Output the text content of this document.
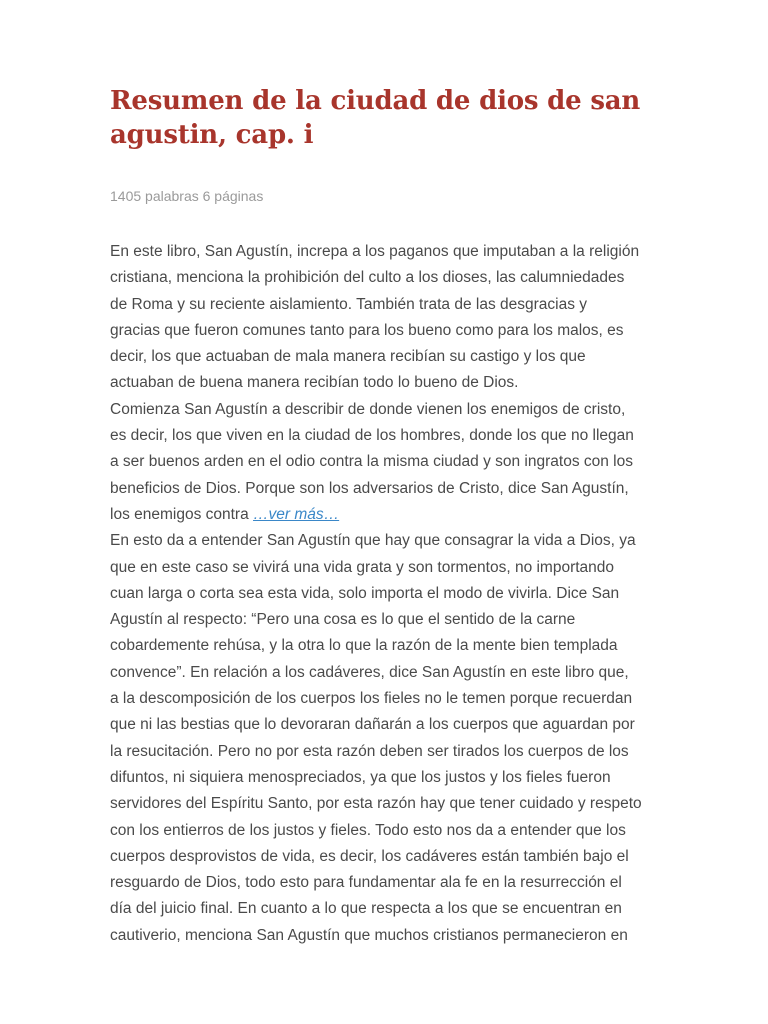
Resumen de la ciudad de dios de san
agustin, cap. i
1405 palabras 6 páginas
En este libro, San Agustín, increpa a los paganos que imputaban a la religión
cristiana, menciona la prohibición del culto a los dioses, las calumniedades
de Roma y su reciente aislamiento. También trata de las desgracias y
gracias que fueron comunes tanto para los bueno como para los malos, es
decir, los que actuaban de mala manera recibían su castigo y los que
actuaban de buena manera recibían todo lo bueno de Dios.
Comienza San Agustín a describir de donde vienen los enemigos de cristo,
es decir, los que viven en la ciudad de los hombres, donde los que no llegan
a ser buenos arden en el odio contra la misma ciudad y son ingratos con los
beneficios de Dios. Porque son los adversarios de Cristo, dice San Agustín,
los enemigos contra …ver más…
En esto da a entender San Agustín que hay que consagrar la vida a Dios, ya
que en este caso se vivirá una vida grata y son tormentos, no importando
cuan larga o corta sea esta vida, solo importa el modo de vivirla. Dice San
Agustín al respecto: “Pero una cosa es lo que el sentido de la carne
cobardemente rehúsa, y la otra lo que la razón de la mente bien templada
convence”. En relación a los cadáveres, dice San Agustín en este libro que,
a la descomposición de los cuerpos los fieles no le temen porque recuerdan
que ni las bestias que lo devoraran dañarán a los cuerpos que aguardan por
la resucitación. Pero no por esta razón deben ser tirados los cuerpos de los
difuntos, ni siquiera menospreciados, ya que los justos y los fieles fueron
servidores del Espíritu Santo, por esta razón hay que tener cuidado y respeto
con los entierros de los justos y fieles. Todo esto nos da a entender que los
cuerpos desprovistos de vida, es decir, los cadáveres están también bajo el
resguardo de Dios, todo esto para fundamentar ala fe en la resurrección el
día del juicio final. En cuanto a lo que respecta a los que se encuentran en
cautiverio, menciona San Agustín que muchos cristianos permanecieron en
